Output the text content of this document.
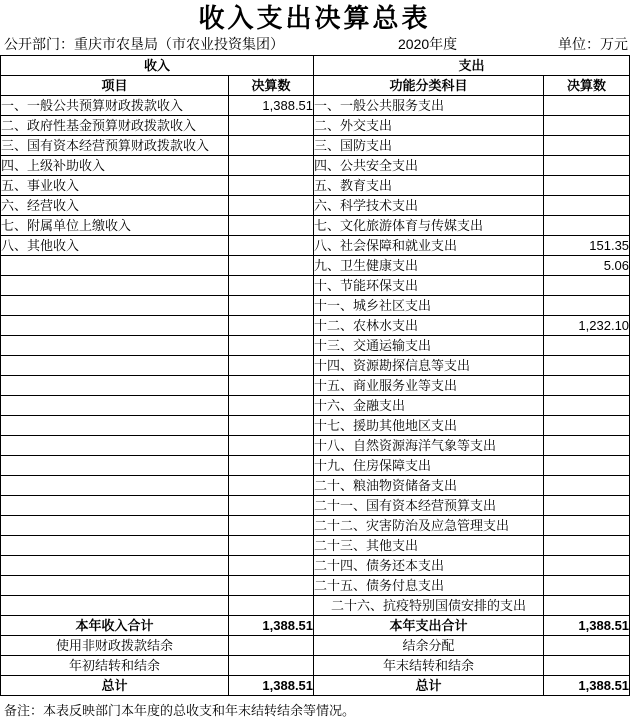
收入支出决算总表
公开部门：重庆市农垦局（市农业投资集团）	2020年度	单位：万元
收入		支出	
项目	决算数	功能分类科目	决算数
一、一般公共预算财政拨款收入	1,388.51	一、一般公共服务支出	
二、政府性基金预算财政拨款收入		二、外交支出	
三、国有资本经营预算财政拨款收入		三、国防支出	
四、上级补助收入		四、公共安全支出	
五、事业收入		五、教育支出	
六、经营收入		六、科学技术支出	
七、附属单位上缴收入		七、文化旅游体育与传媒支出	
八、其他收入		八、社会保障和就业支出	151.35
		九、卫生健康支出	5.06
		十、节能环保支出	
		十一、城乡社区支出	
		十二、农林水支出	1,232.10
		十三、交通运输支出	
		十四、资源勘探信息等支出	
		十五、商业服务业等支出	
		十六、金融支出	
		十七、援助其他地区支出	
		十八、自然资源海洋气象等支出	
		十九、住房保障支出	
		二十、粮油物资储备支出	
		二十一、国有资本经营预算支出	
		二十二、灾害防治及应急管理支出	
		二十三、其他支出	
		二十四、债务还本支出	
		二十五、债务付息支出	
		二十六、抗疫特别国债安排的支出	
本年收入合计	1,388.51	本年支出合计	1,388.51
使用非财政拨款结余		结余分配	
年初结转和结余		年末结转和结余	
总计	1,388.51	总计	1,388.51
备注：本表反映部门本年度的总收支和年末结转结余等情况。
